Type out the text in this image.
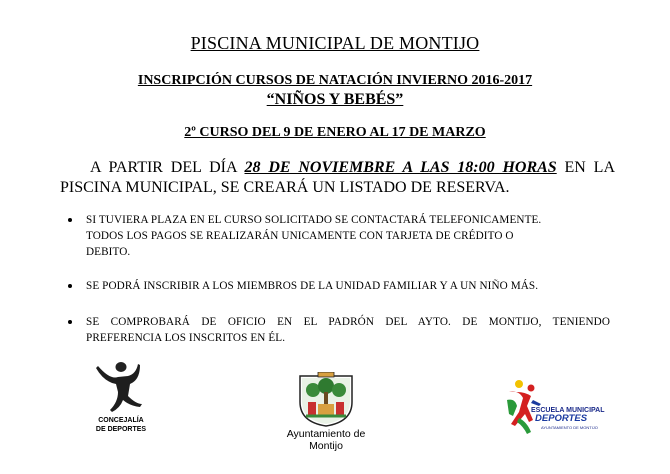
PISCINA MUNICIPAL DE MONTIJO
INSCRIPCIÓN CURSOS DE NATACIÓN INVIERNO 2016-2017
“NIÑOS Y BEBÉS”
2º CURSO DEL 9 DE ENERO AL 17 DE MARZO
A PARTIR DEL DÍA 28 DE NOVIEMBRE A LAS 18:00 HORAS EN LA
PISCINA MUNICIPAL, SE CREARÁ UN LISTADO DE RESERVA.
SI TUVIERA PLAZA EN EL CURSO SOLICITADO SE CONTACTARÁ TELEFONICAMENTE.
TODOS LOS PAGOS SE REALIZARÁN UNICAMENTE CON TARJETA DE CRÉDITO O
DEBITO.
SE PODRÁ INSCRIBIR A LOS MIEMBROS DE LA UNIDAD FAMILIAR Y A UN NIÑO MÁS.
SE COMPROBARÁ DE OFICIO EN EL PADRÓN DEL AYTO. DE MONTIJO, TENIENDO
PREFERENCIA LOS INSCRITOS EN ÉL.
CONCEJALÍA
DE DEPORTES	Ayuntamiento de
Montijo
ESCUELA MUNICIPAL
DEPORTES
AYUNTAMIENTO DE MONTIJO
